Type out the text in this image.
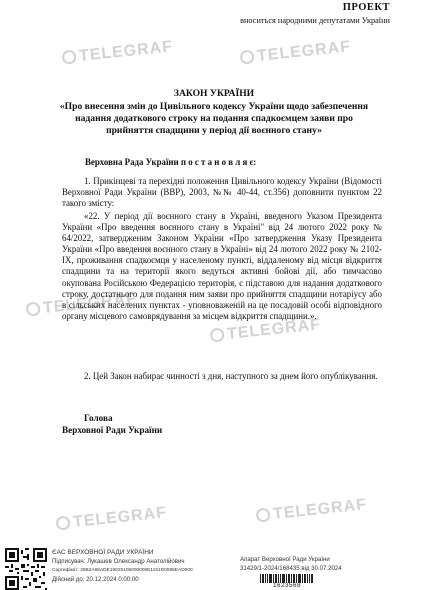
ПРОЕКТ
вноситься народними депутатами України
TELEGRAF	TELEGRAF
TELEGRAF
TELEGRAF
TELEGRAF	TELEGRAF
ЗАКОН УКРАЇНИ
«Про внесення змін до Цивільного кодексу України щодо забезпечення
надання додаткового строку на подання спадкоємцем заяви про
прийняття спадщини у період дії воєнного стану»
Верховна Рада України п о с т а н о в л я є:
1. Прикінцеві та перехідні положення Цивільного кодексу України (Відомості Верховної Ради України (ВВР), 2003, №№ 40-44, ст.356) доповнити пунктом 22 такого змісту:
«22. У період дії воєнного стану в Україні, введеного Указом Президента України «Про введення воєнного стану в Україні" від 24 лютого 2022 року № 64/2022, затвердженим Законом України «Про затвердження Указу Президента України «Про введення воєнного стану в Україні» від 24 лютого 2022 року № 2102-IX, проживання спадкоємця у населеному пункті, віддаленому від місця відкриття спадщини та на території якого ведуться активні бойові дії, або тимчасово окупована Російською Федерацією територія, є підставою для надання додаткового строку, достатнього для подання ним заяви про прийняття спадщини нотаріусу або в сільських населених пунктах - уповноваженій на це посадовій особі відповідного органу місцевого самоврядування за місцем відкриття спадщини.».
2. Цей Закон набирає чинності з дня, наступного за днем його опублікування.
Голова
Верховної Ради України
ЄАС ВЕРХОВНОЇ РАДИ УКРАЇНИ
Підписувач: Лукашев Олександр Анатолійович
Сертифікат: 26B2A68ADE19025105000000E1161D0086EAD000
Дійсний до: 20.12.2024 0:00:00
Апарат Верховної Ради України
31429/1-2024/168435 від 30.07.2024
1623568
